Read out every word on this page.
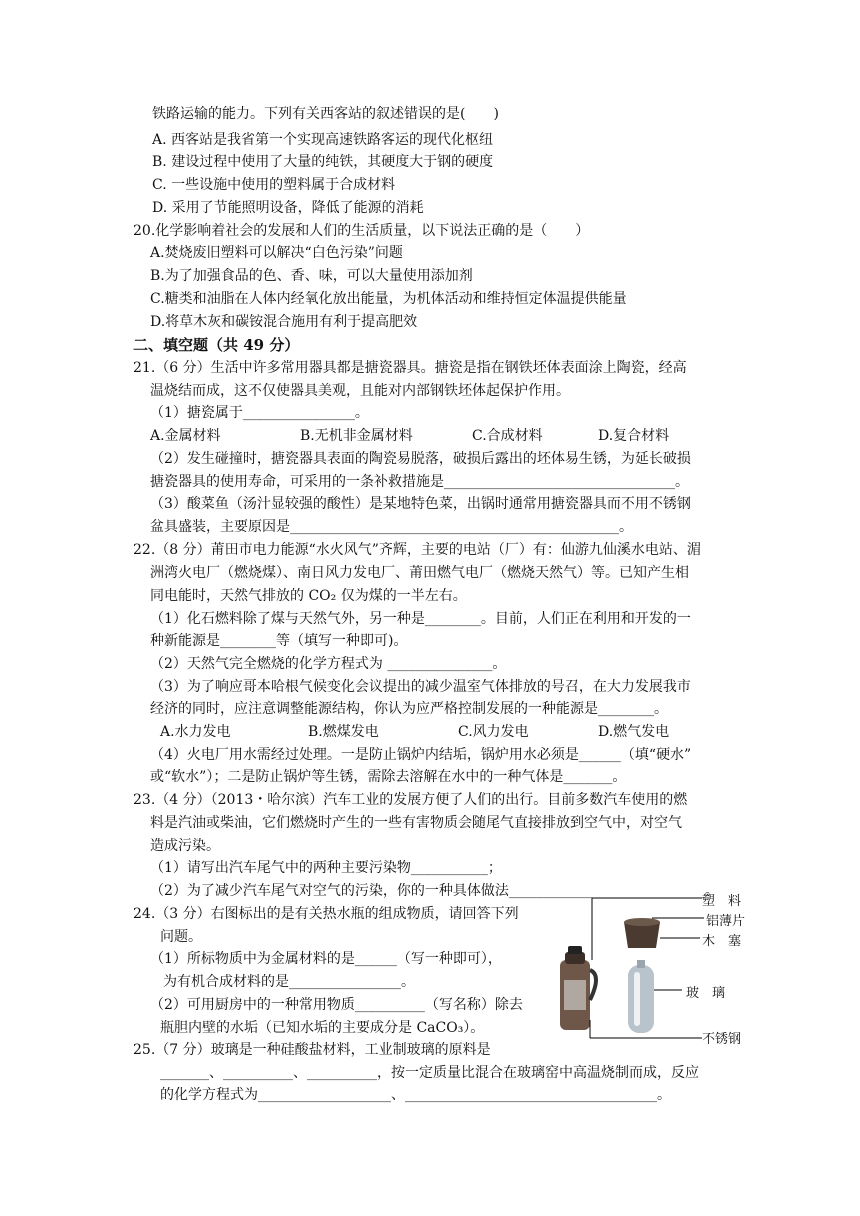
铁路运输的能力。下列有关西客站的叙述错误的是(　　)
A. 西客站是我省第一个实现高速铁路客运的现代化枢纽
B. 建设过程中使用了大量的纯铁，其硬度大于钢的硬度
C. 一些设施中使用的塑料属于合成材料
D. 采用了节能照明设备，降低了能源的消耗
20.化学影响着社会的发展和人们的生活质量，以下说法正确的是（　　）
A.焚烧废旧塑料可以解决“白色污染”问题
B.为了加强食品的色、香、味，可以大量使用添加剂
C.糖类和油脂在人体内经氧化放出能量，为机体活动和维持恒定体温提供能量
D.将草木灰和碳铵混合施用有利于提高肥效
二、填空题（共 49 分）
21.（6 分）生活中许多常用器具都是搪瓷器具。搪瓷是指在钢铁坯体表面涂上陶瓷，经高
温烧结而成，这不仅使器具美观，且能对内部钢铁坯体起保护作用。
（1）搪瓷属于________________。
A.金属材料	B.无机非金属材料	C.合成材料	D.复合材料
（2）发生碰撞时，搪瓷器具表面的陶瓷易脱落，破损后露出的坯体易生锈，为延长破损
搪瓷器具的使用寿命，可采用的一条补救措施是_________________________________。
（3）酸菜鱼（汤汁显较强的酸性）是某地特色菜，出锅时通常用搪瓷器具而不用不锈钢
盆具盛装，主要原因是_______________________________________________。
22.（8 分）莆田市电力能源“水火风气”齐辉，主要的电站（厂）有：仙游九仙溪水电站、湄
洲湾火电厂（燃烧煤）、南日风力发电厂、莆田燃气电厂（燃烧天然气）等。已知产生相
同电能时，天然气排放的 CO₂ 仅为煤的一半左右。
（1）化石燃料除了煤与天然气外，另一种是________。目前，人们正在利用和开发的一
种新能源是________等（填写一种即可)。
（2）天然气完全燃烧的化学方程式为 _______________。
（3）为了响应哥本哈根气候变化会议提出的减少温室气体排放的号召，在大力发展我市
经济的同时，应注意调整能源结构，你认为应严格控制发展的一种能源是________。
A.水力发电	B.燃煤发电	C.风力发电	D.燃气发电
（4）火电厂用水需经过处理。一是防止锅炉内结垢，锅炉用水必须是______（填“硬水”
或“软水”）；二是防止锅炉等生锈，需除去溶解在水中的一种气体是_______。
23.（4 分）（2013・哈尔滨）汽车工业的发展方便了人们的出行。目前多数汽车使用的燃
料是汽油或柴油，它们燃烧时产生的一些有害物质会随尾气直接排放到空气中，对空气
造成污染。
（1）请写出汽车尾气中的两种主要污染物___________；
（2）为了减少汽车尾气对空气的污染，你的一种具体做法____________________________。
24.（3 分）右图标出的是有关热水瓶的组成物质，请回答下列
问题。
（1）所标物质中为金属材料的是______（写一种即可），
为有机合成材料的是________________。
（2）可用厨房中的一种常用物质__________（写名称）除去
瓶胆内壁的水垢（已知水垢的主要成分是 CaCO₃）。
塑　料
铝薄片
木　塞
玻　璃
不锈钢
25.（7 分）玻璃是一种硅酸盐材料，工业制玻璃的原料是
_______、__________、__________，按一定质量比混合在玻璃窑中高温烧制而成，反应
的化学方程式为___________________、____________________________________。
